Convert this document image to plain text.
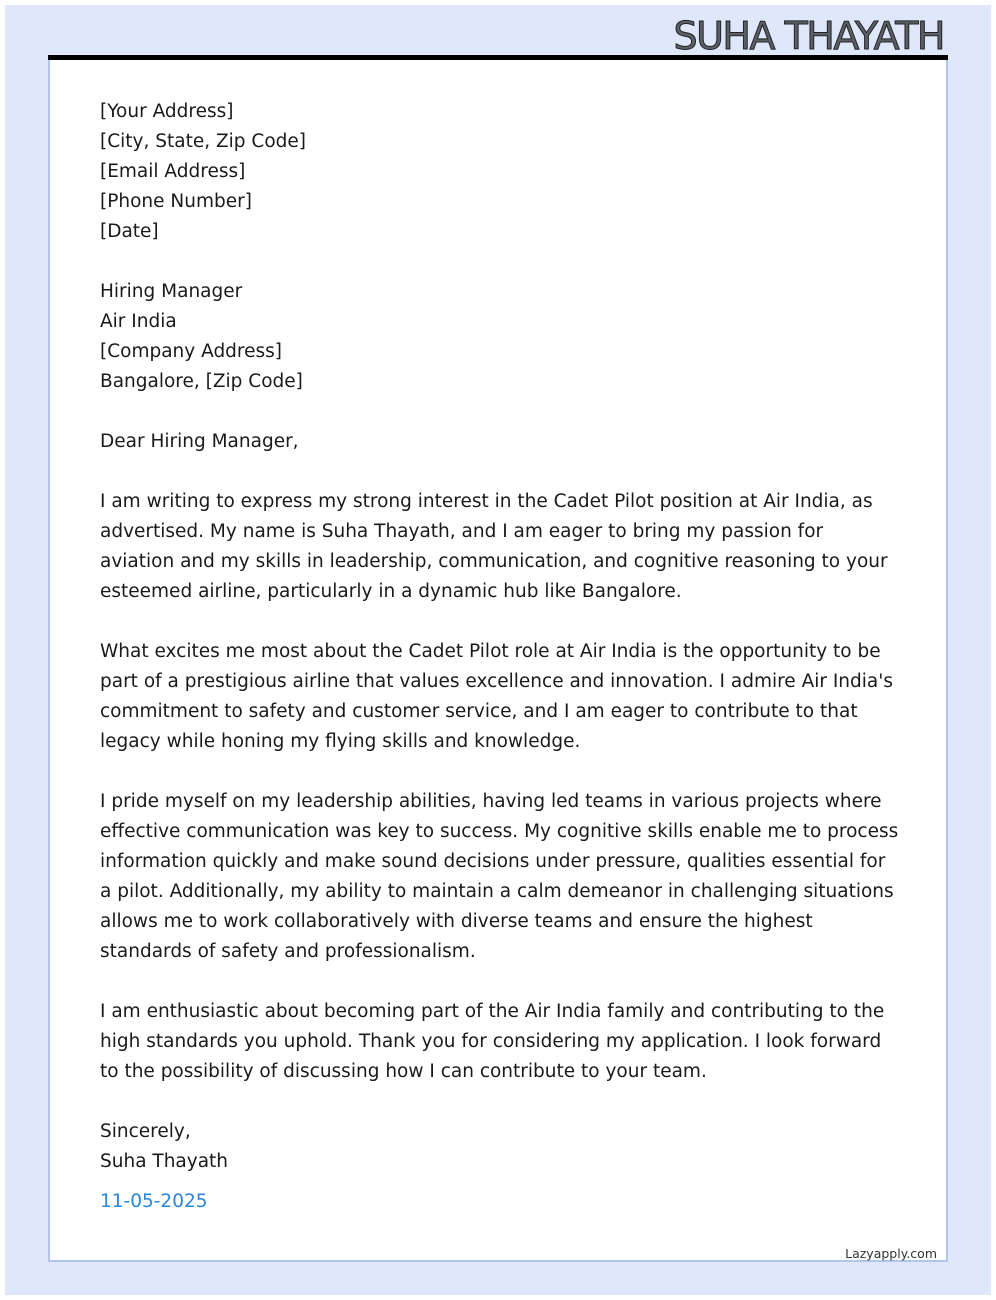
SUHA THAYATH
[Your Address]
[City, State, Zip Code]
[Email Address]
[Phone Number]
[Date]
Hiring Manager
Air India
[Company Address]
Bangalore, [Zip Code]

Dear Hiring Manager,

I am writing to express my strong interest in the Cadet Pilot position at Air India, as advertised. My name is Suha Thayath, and I am eager to bring my passion for aviation and my skills in leadership, communication, and cognitive reasoning to your esteemed airline, particularly in a dynamic hub like Bangalore.

What excites me most about the Cadet Pilot role at Air India is the opportunity to be part of a prestigious airline that values excellence and innovation. I admire Air India's commitment to safety and customer service, and I am eager to contribute to that legacy while honing my flying skills and knowledge.

I pride myself on my leadership abilities, having led teams in various projects where effective communication was key to success. My cognitive skills enable me to process information quickly and make sound decisions under pressure, qualities essential for a pilot. Additionally, my ability to maintain a calm demeanor in challenging situations allows me to work collaboratively with diverse teams and ensure the highest standards of safety and professionalism.

I am enthusiastic about becoming part of the Air India family and contributing to the high standards you uphold. Thank you for considering my application. I look forward to the possibility of discussing how I can contribute to your team.

Sincerely,
Suha Thayath
11-05-2025
Lazyapply.com
